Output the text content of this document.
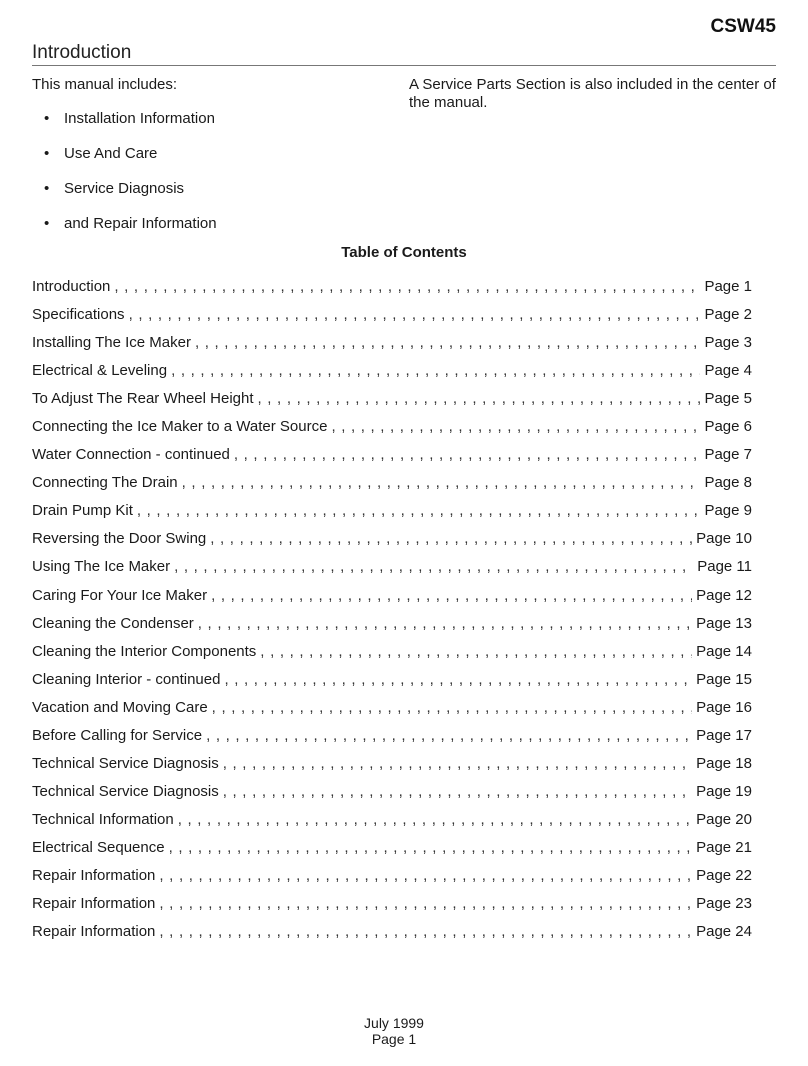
CSW45
Introduction
This manual includes:
• Installation Information
• Use And Care
• Service Diagnosis
• and Repair Information
A Service Parts Section is also included in the center of the manual.
Table of Contents
Introduction ,,,,,,,,,,,,,,,,,,,,,,,,,,,,,,,,,,,,,,,,,,,,,,,,,,,,,,,,,,,,,,,,,,,,,,,,,,,,,,,,,,,	Page 1
Specifications ,,,,,,,,,,,,,,,,,,,,,,,,,,,,,,,,,,,,,,,,,,,,,,,,,,,,,,,,,,,,,,,,,,,,,,,,,,,,,,,,,,,	Page 2
Installing The Ice Maker ,,,,,,,,,,,,,,,,,,,,,,,,,,,,,,,,,,,,,,,,,,,,,,,,,,,,,,,,,,,,,,,,,,,,,,,,,,,,,,,,,,,	Page 3
Electrical & Leveling ,,,,,,,,,,,,,,,,,,,,,,,,,,,,,,,,,,,,,,,,,,,,,,,,,,,,,,,,,,,,,,,,,,,,,,,,,,,,,,,,,,,	Page 4
To Adjust The Rear Wheel Height ,,,,,,,,,,,,,,,,,,,,,,,,,,,,,,,,,,,,,,,,,,,,,,,,,,,,,,,,,,,,,,,,,,,,,,,,,,,,,,,,,,,	Page 5
Connecting the Ice Maker to a Water Source ,,,,,,,,,,,,,,,,,,,,,,,,,,,,,,,,,,,,,,,,,,,,,,,,,,,,,,,,,,,,,,,,,,,,,,,,,,,,,,,,,,,	Page 6
Water Connection - continued ,,,,,,,,,,,,,,,,,,,,,,,,,,,,,,,,,,,,,,,,,,,,,,,,,,,,,,,,,,,,,,,,,,,,,,,,,,,,,,,,,,,	Page 7
Connecting The Drain ,,,,,,,,,,,,,,,,,,,,,,,,,,,,,,,,,,,,,,,,,,,,,,,,,,,,,,,,,,,,,,,,,,,,,,,,,,,,,,,,,,,	Page 8
Drain Pump Kit ,,,,,,,,,,,,,,,,,,,,,,,,,,,,,,,,,,,,,,,,,,,,,,,,,,,,,,,,,,,,,,,,,,,,,,,,,,,,,,,,,,,	Page 9
Reversing the Door Swing ,,,,,,,,,,,,,,,,,,,,,,,,,,,,,,,,,,,,,,,,,,,,,,,,,,,,,,,,,,,,,,,,,,,,,,,,,,,,,,,,,,,	Page 10
Using The Ice Maker ,,,,,,,,,,,,,,,,,,,,,,,,,,,,,,,,,,,,,,,,,,,,,,,,,,,,,,,,,,,,,,,,,,,,,,,,,,,,,,,,,,,	Page 11
Caring For Your Ice Maker ,,,,,,,,,,,,,,,,,,,,,,,,,,,,,,,,,,,,,,,,,,,,,,,,,,,,,,,,,,,,,,,,,,,,,,,,,,,,,,,,,,,	Page 12
Cleaning the Condenser ,,,,,,,,,,,,,,,,,,,,,,,,,,,,,,,,,,,,,,,,,,,,,,,,,,,,,,,,,,,,,,,,,,,,,,,,,,,,,,,,,,,	Page 13
Cleaning the Interior Components ,,,,,,,,,,,,,,,,,,,,,,,,,,,,,,,,,,,,,,,,,,,,,,,,,,,,,,,,,,,,,,,,,,,,,,,,,,,,,,,,,,,	Page 14
Cleaning Interior - continued ,,,,,,,,,,,,,,,,,,,,,,,,,,,,,,,,,,,,,,,,,,,,,,,,,,,,,,,,,,,,,,,,,,,,,,,,,,,,,,,,,,,	Page 15
Vacation and Moving Care ,,,,,,,,,,,,,,,,,,,,,,,,,,,,,,,,,,,,,,,,,,,,,,,,,,,,,,,,,,,,,,,,,,,,,,,,,,,,,,,,,,,	Page 16
Before Calling for Service ,,,,,,,,,,,,,,,,,,,,,,,,,,,,,,,,,,,,,,,,,,,,,,,,,,,,,,,,,,,,,,,,,,,,,,,,,,,,,,,,,,,	Page 17
Technical Service Diagnosis ,,,,,,,,,,,,,,,,,,,,,,,,,,,,,,,,,,,,,,,,,,,,,,,,,,,,,,,,,,,,,,,,,,,,,,,,,,,,,,,,,,,	Page 18
Technical Service Diagnosis ,,,,,,,,,,,,,,,,,,,,,,,,,,,,,,,,,,,,,,,,,,,,,,,,,,,,,,,,,,,,,,,,,,,,,,,,,,,,,,,,,,,	Page 19
Technical Information ,,,,,,,,,,,,,,,,,,,,,,,,,,,,,,,,,,,,,,,,,,,,,,,,,,,,,,,,,,,,,,,,,,,,,,,,,,,,,,,,,,,	Page 20
Electrical Sequence ,,,,,,,,,,,,,,,,,,,,,,,,,,,,,,,,,,,,,,,,,,,,,,,,,,,,,,,,,,,,,,,,,,,,,,,,,,,,,,,,,,,	Page 21
Repair Information ,,,,,,,,,,,,,,,,,,,,,,,,,,,,,,,,,,,,,,,,,,,,,,,,,,,,,,,,,,,,,,,,,,,,,,,,,,,,,,,,,,,	Page 22
Repair Information ,,,,,,,,,,,,,,,,,,,,,,,,,,,,,,,,,,,,,,,,,,,,,,,,,,,,,,,,,,,,,,,,,,,,,,,,,,,,,,,,,,,	Page 23
Repair Information ,,,,,,,,,,,,,,,,,,,,,,,,,,,,,,,,,,,,,,,,,,,,,,,,,,,,,,,,,,,,,,,,,,,,,,,,,,,,,,,,,,,	Page 24
July 1999
Page 1
